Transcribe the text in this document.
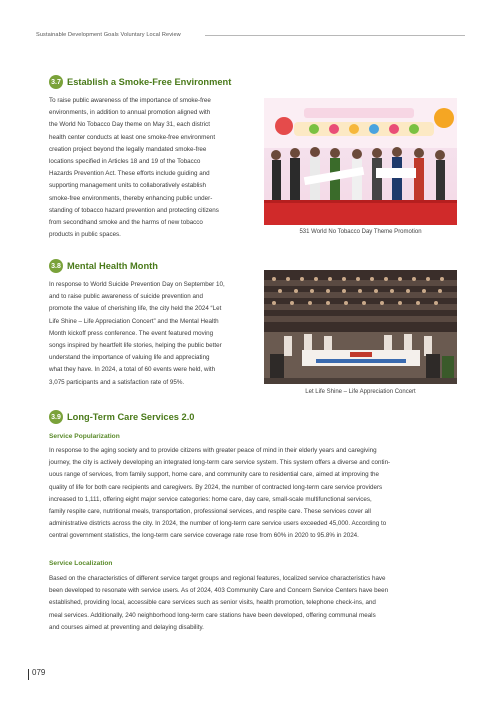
Sustainable Development Goals Voluntary Local Review
3.7 Establish a Smoke-Free Environment
To raise public awareness of the importance of smoke-free
environments, in addition to annual promotion aligned with
the World No Tobacco Day theme on May 31, each district
health center conducts at least one smoke-free environment
creation project beyond the legally mandated smoke-free
locations specified in Articles 18 and 19 of the Tobacco
Hazards Prevention Act. These efforts include guiding and
supporting management units to collaboratively establish
smoke-free environments, thereby enhancing public under-
standing of tobacco hazard prevention and protecting citizens
from secondhand smoke and the harms of new tobacco
products in public spaces.	531 World No Tobacco Day Theme Promotion
3.8 Mental Health Month
In response to World Suicide Prevention Day on September 10,
and to raise public awareness of suicide prevention and
promote the value of cherishing life, the city held the 2024 “Let
Life Shine – Life Appreciation Concert” and the Mental Health
Month kickoff press conference. The event featured moving
songs inspired by heartfelt life stories, helping the public better
understand the importance of valuing life and appreciating
what they have. In 2024, a total of 60 events were held, with
3,075 participants and a satisfaction rate of 95%.
Let Life Shine – Life Appreciation Concert
3.9 Long-Term Care Services 2.0
Service Popularization
In response to the aging society and to provide citizens with greater peace of mind in their elderly years and caregiving
journey, the city is actively developing an integrated long-term care service system. This system offers a diverse and contin-
uous range of services, from family support, home care, and community care to residential care, aimed at improving the
quality of life for both care recipients and caregivers. By 2024, the number of contracted long-term care service providers
increased to 1,111, offering eight major service categories: home care, day care, small-scale multifunctional services,
family respite care, nutritional meals, transportation, professional services, and respite care. These services cover all
administrative districts across the city. In 2024, the number of long-term care service users exceeded 45,000. According to
central government statistics, the long-term care service coverage rate rose from 60% in 2020 to 95.8% in 2024.
Service Localization
Based on the characteristics of different service target groups and regional features, localized service characteristics have
been developed to resonate with service users. As of 2024, 403 Community Care and Concern Service Centers have been
established, providing local, accessible care services such as senior visits, health promotion, telephone check-ins, and
meal services. Additionally, 240 neighborhood long-term care stations have been developed, offering communal meals
and courses aimed at preventing and delaying disability.
079
